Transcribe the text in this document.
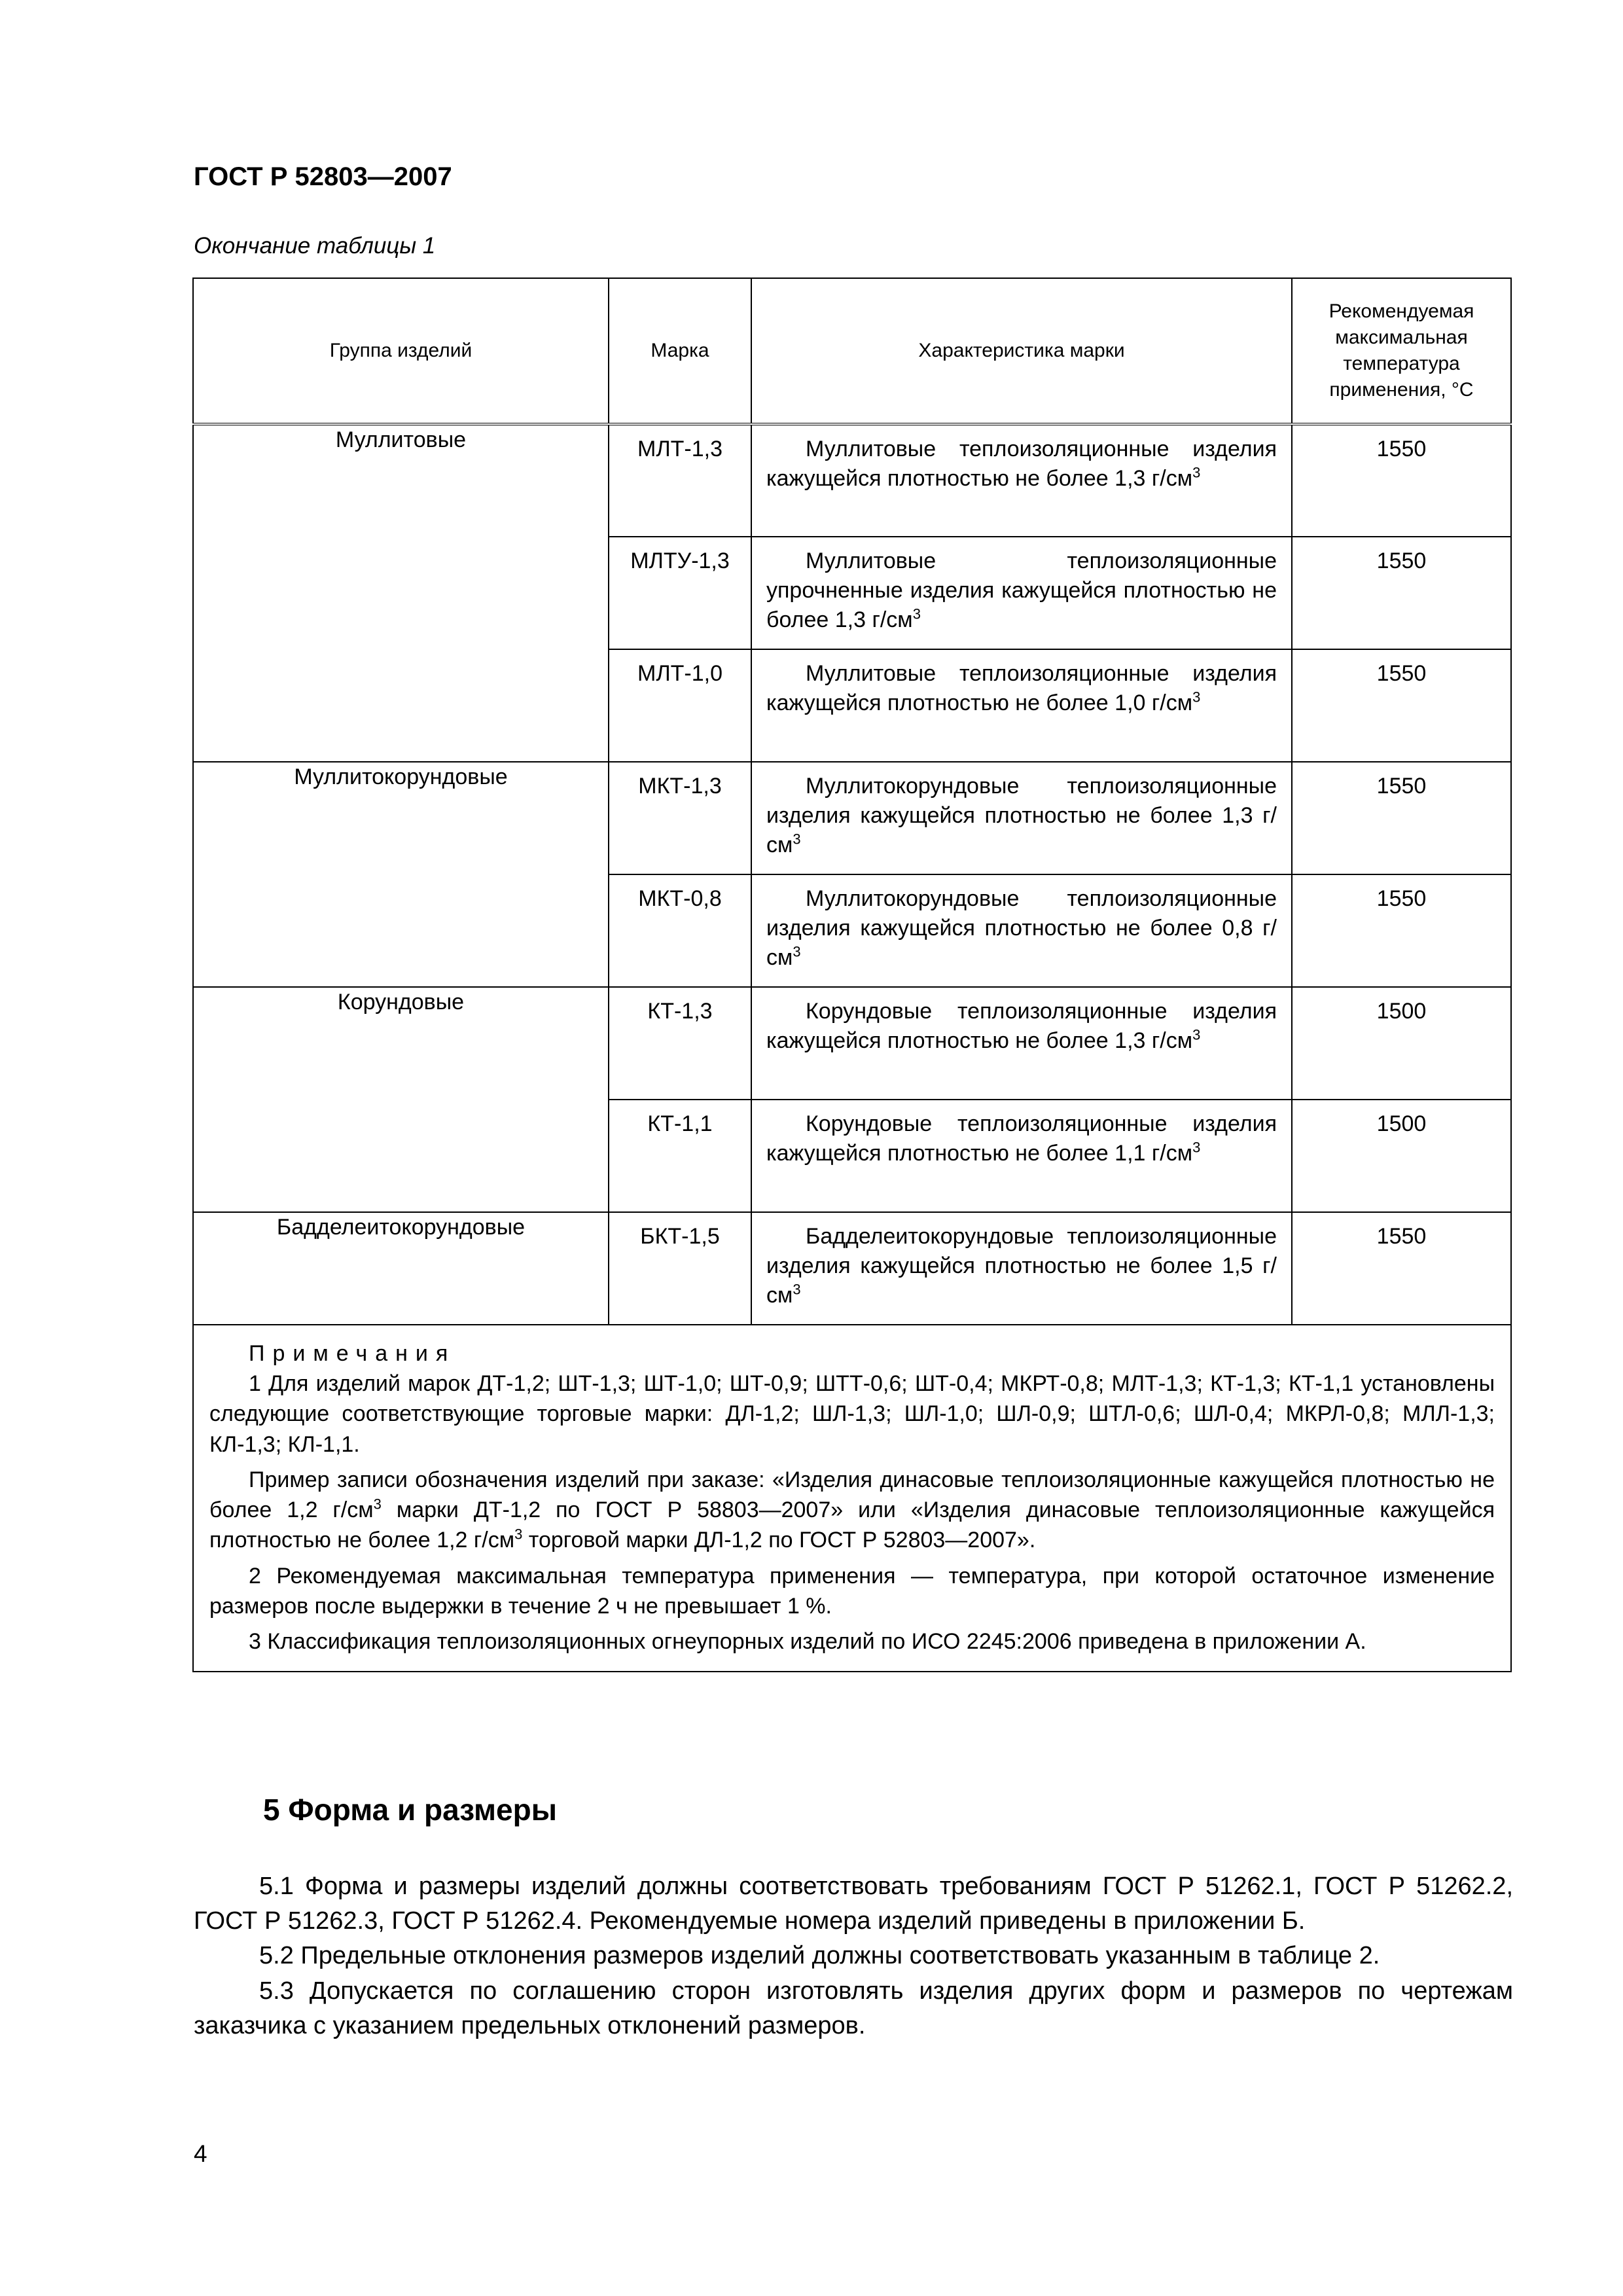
ГОСТ Р 52803—2007
Окончание таблицы 1
Группа изделий	Марка	Характеристика марки	Рекомендуемая максимальная температура применения, °С
Муллитовые	МЛТ-1,3	Муллитовые теплоизоляционные изделия кажущейся плотностью не более 1,3 $г/см^3$	1550
	МЛТУ-1,3	Муллитовые теплоизоляционные упрочненные изделия кажущейся плотностью не более 1,3 $г/см^3$	1550
	МЛТ-1,0	Муллитовые теплоизоляционные изделия кажущейся плотностью не более 1,0 $г/см^3$	1550
Муллитокорундовые	МКТ-1,3	Муллитокорундовые теплоизоляционные изделия кажущейся плотностью не более 1,3 $г/см^3$	1550
	МКТ-0,8	Муллитокорундовые теплоизоляционные изделия кажущейся плотностью не более 0,8 $г/см^3$	1550
Корундовые	КТ-1,3	Корундовые теплоизоляционные изделия кажущейся плотностью не более 1,3 $г/см^3$	1500
	КТ-1,1	Корундовые теплоизоляционные изделия кажущейся плотностью не более 1,1 $г/см^3$	1500
Бадделеитокорундовые	БКТ-1,5	Бадделеитокорундовые теплоизоляционные изделия кажущейся плотностью не более 1,5 $г/см^3$	1550

Примечания

1 Для изделий марок ДТ-1,2; ШТ-1,3; ШТ-1,0; ШТ-0,9; ШТТ-0,6; ШТ-0,4; МКРТ-0,8; МЛТ-1,3; КТ-1,3; КТ-1,1 установлены следующие соответствующие торговые марки: ДЛ-1,2; ШЛ-1,3; ШЛ-1,0; ШЛ-0,9; ШТЛ-0,6; ШЛ-0,4; МКРЛ-0,8; МЛЛ-1,3; КЛ-1,3; КЛ-1,1.

Пример записи обозначения изделий при заказе: «Изделия динасовые теплоизоляционные кажущейся плотностью не более 1,2 $г/см^3$ марки ДТ-1,2 по ГОСТ Р 58803—2007» или «Изделия динасовые теплоизоляционные кажущейся плотностью не более 1,2 $г/см^3$ торговой марки ДЛ-1,2 по ГОСТ Р 52803—2007».

2 Рекомендуемая максимальная температура применения — температура, при которой остаточное изменение размеров после выдержки в течение 2 ч не превышает 1 %.

3 Классификация теплоизоляционных огнеупорных изделий по ИСО 2245:2006 приведена в приложении А.			

5 Форма и размеры

5.1 Форма и размеры изделий должны соответствовать требованиям ГОСТ Р 51262.1, ГОСТ Р 51262.2, ГОСТ Р 51262.3, ГОСТ Р 51262.4. Рекомендуемые номера изделий приведены в приложении Б.

5.2 Предельные отклонения размеров изделий должны соответствовать указанным в таблице 2.

5.3 Допускается по соглашению сторон изготовлять изделия других форм и размеров по чертежам заказчика с указанием предельных отклонений размеров.

4
